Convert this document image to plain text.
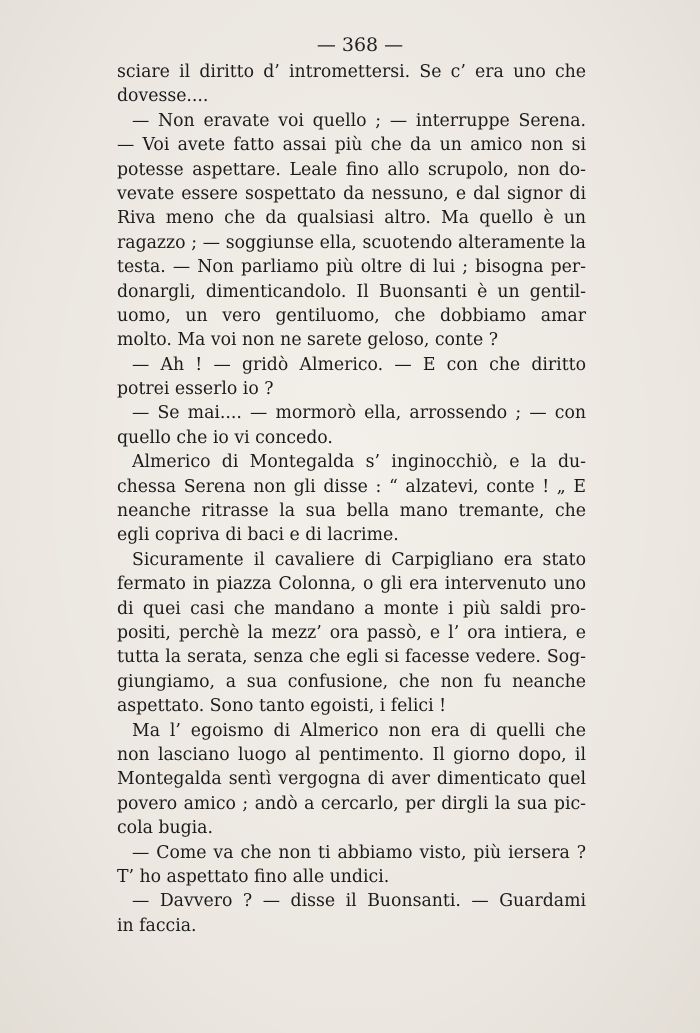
— 368 —
sciare il diritto d’ intromettersi. Se c’ era uno che
dovesse....
— Non eravate voi quello ; — interruppe Serena.
— Voi avete fatto assai più che da un amico non si
potesse aspettare. Leale fino allo scrupolo, non do-
vevate essere sospettato da nessuno, e dal signor di
Riva meno che da qualsiasi altro. Ma quello è un
ragazzo ; — soggiunse ella, scuotendo alteramente la
testa. — Non parliamo più oltre di lui ; bisogna per-
donargli, dimenticandolo. Il Buonsanti è un gentil-
uomo, un vero gentiluomo, che dobbiamo amar
molto. Ma voi non ne sarete geloso, conte ?
— Ah ! — gridò Almerico. — E con che diritto
potrei esserlo io ?
— Se mai.... — mormorò ella, arrossendo ; — con
quello che io vi concedo.
Almerico di Montegalda s’ inginocchiò, e la du-
chessa Serena non gli disse : “ alzatevi, conte ! „ E
neanche ritrasse la sua bella mano tremante, che
egli copriva di baci e di lacrime.
Sicuramente il cavaliere di Carpigliano era stato
fermato in piazza Colonna, o gli era intervenuto uno
di quei casi che mandano a monte i più saldi pro-
positi, perchè la mezz’ ora passò, e l’ ora intiera, e
tutta la serata, senza che egli si facesse vedere. Sog-
giungiamo, a sua confusione, che non fu neanche
aspettato. Sono tanto egoisti, i felici !
Ma l’ egoismo di Almerico non era di quelli che
non lasciano luogo al pentimento. Il giorno dopo, il
Montegalda sentì vergogna di aver dimenticato quel
povero amico ; andò a cercarlo, per dirgli la sua pic-
cola bugia.
— Come va che non ti abbiamo visto, più iersera ?
T’ ho aspettato fino alle undici.
— Davvero ? — disse il Buonsanti. — Guardami
in faccia.
